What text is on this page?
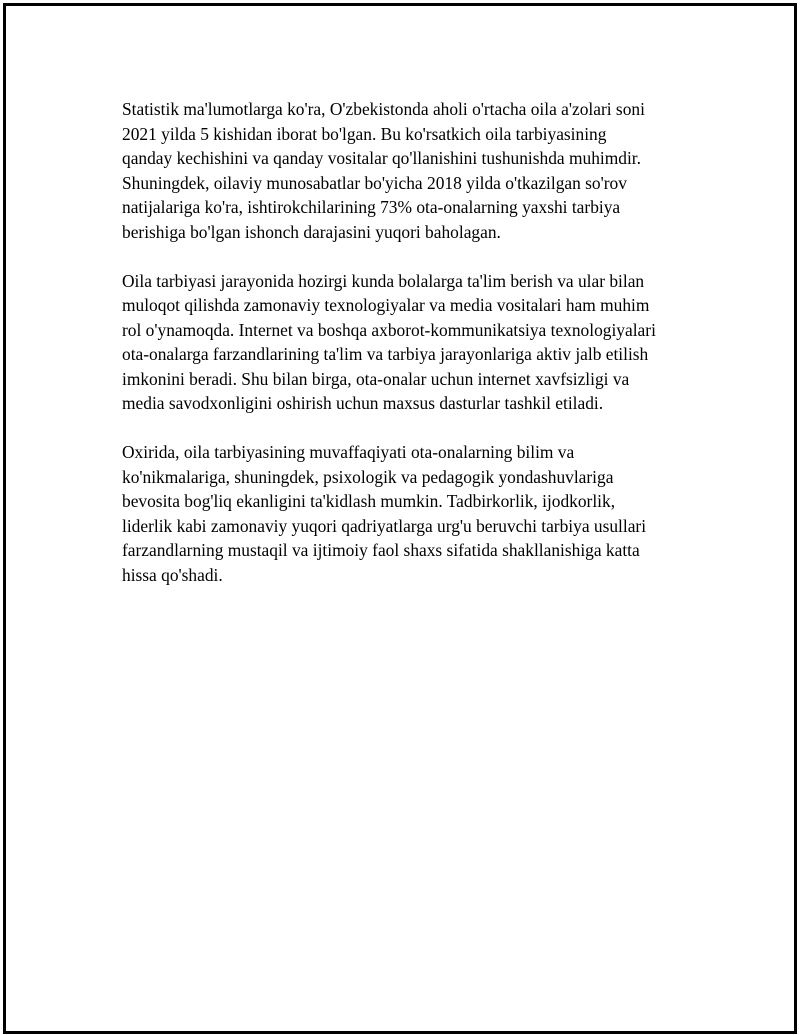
Statistik ma'lumotlarga ko'ra, O'zbekistonda aholi o'rtacha oila a'zolari soni
2021 yilda 5 kishidan iborat bo'lgan. Bu ko'rsatkich oila tarbiyasining
qanday kechishini va qanday vositalar qo'llanishini tushunishda muhimdir.
Shuningdek, oilaviy munosabatlar bo'yicha 2018 yilda o'tkazilgan so'rov
natijalariga ko'ra, ishtirokchilarining 73% ota-onalarning yaxshi tarbiya
berishiga bo'lgan ishonch darajasini yuqori baholagan.

Oila tarbiyasi jarayonida hozirgi kunda bolalarga ta'lim berish va ular bilan
muloqot qilishda zamonaviy texnologiyalar va media vositalari ham muhim
rol o'ynamoqda. Internet va boshqa axborot-kommunikatsiya texnologiyalari
ota-onalarga farzandlarining ta'lim va tarbiya jarayonlariga aktiv jalb etilish
imkonini beradi. Shu bilan birga, ota-onalar uchun internet xavfsizligi va
media savodxonligini oshirish uchun maxsus dasturlar tashkil etiladi.

Oxirida, oila tarbiyasining muvaffaqiyati ota-onalarning bilim va
ko'nikmalariga, shuningdek, psixologik va pedagogik yondashuvlariga
bevosita bog'liq ekanligini ta'kidlash mumkin. Tadbirkorlik, ijodkorlik,
liderlik kabi zamonaviy yuqori qadriyatlarga urg'u beruvchi tarbiya usullari
farzandlarning mustaqil va ijtimoiy faol shaxs sifatida shakllanishiga katta
hissa qo'shadi.
